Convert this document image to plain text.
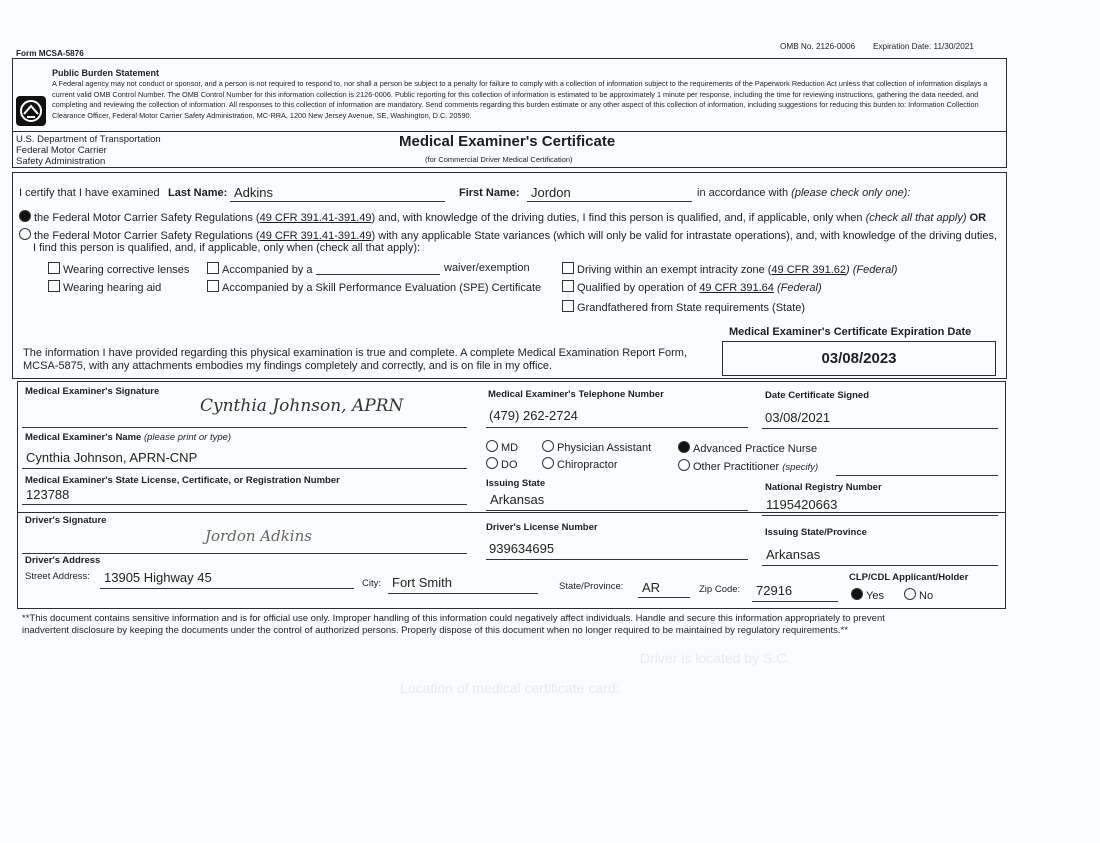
Form MCSA-5876
OMB No. 2126-0006 Expiration Date: 11/30/2021
Public Burden Statement
A Federal agency may not conduct or sponsor, and a person is not required to respond to, nor shall a person be subject to a penalty for failure to comply with a collection of information subject to the requirements of the Paperwork Reduction Act unless that collection of information displays a current valid OMB Control Number. The OMB Control Number for this information collection is 2126-0006. Public reporting for this collection of information is estimated to be approximately 1 minute per response, including the time for reviewing instructions, gathering the data needed, and completing and reviewing the collection of information. All responses to this collection of information are mandatory. Send comments regarding this burden estimate or any other aspect of this collection of information, including suggestions for reducing this burden to: Information Collection Clearance Officer, Federal Motor Carrier Safety Administration, MC-RRA, 1200 New Jersey Avenue, SE, Washington, D.C. 20590.
U.S. Department of Transportation
Federal Motor Carrier
Safety Administration
Medical Examiner's Certificate
(for Commercial Driver Medical Certification)
I certify that I have examined Last Name: Adkins	First Name: Jordon	in accordance with (please check only one):
the Federal Motor Carrier Safety Regulations (49 CFR 391.41-391.49) and, with knowledge of the driving duties, I find this person is qualified, and, if applicable, only when (check all that apply) OR
the Federal Motor Carrier Safety Regulations (49 CFR 391.41-391.49) with any applicable State variances (which will only be valid for intrastate operations), and, with knowledge of the driving duties,
I find this person is qualified, and, if applicable, only when (check all that apply):
Wearing corrective lenses
Wearing hearing aid
Accompanied by a	waiver/exemption
Accompanied by a Skill Performance Evaluation (SPE) Certificate
Driving within an exempt intracity zone (49 CFR 391.62) (Federal)
Qualified by operation of 49 CFR 391.64 (Federal)
Grandfathered from State requirements (State)
Medical Examiner's Certificate Expiration Date
03/08/2023
The information I have provided regarding this physical examination is true and complete. A complete Medical Examination Report Form,
MCSA-5875, with any attachments embodies my findings completely and correctly, and is on file in my office.
Medical Examiner's Signature
Cynthia Johnson, APRN
Medical Examiner's Telephone Number
(479) 262-2724
Date Certificate Signed
03/08/2021
Medical Examiner's Name (please print or type)
Cynthia Johnson, APRN-CNP
MD
DO
Physician Assistant
Chiropractor
Advanced Practice Nurse
Other Practitioner (specify)
Medical Examiner's State License, Certificate, or Registration Number
123788
Issuing State
Arkansas
National Registry Number
1195420663
Driver's Signature
Jordon Adkins	Driver's License Number
939634695
Issuing State/Province
Arkansas
Driver's Address
Street Address: 13905 Highway 45	City: Fort Smith	State/Province: AR	Zip Code: 72916
CLP/CDL Applicant/Holder
Yes	No
**This document contains sensitive information and is for official use only. Improper handling of this information could negatively affect individuals. Handle and secure this information appropriately to prevent
inadvertent disclosure by keeping the documents under the control of authorized persons. Properly dispose of this document when no longer required to be maintained by regulatory requirements.**
Driver is located by S.C.
Location of medical certificate card:
